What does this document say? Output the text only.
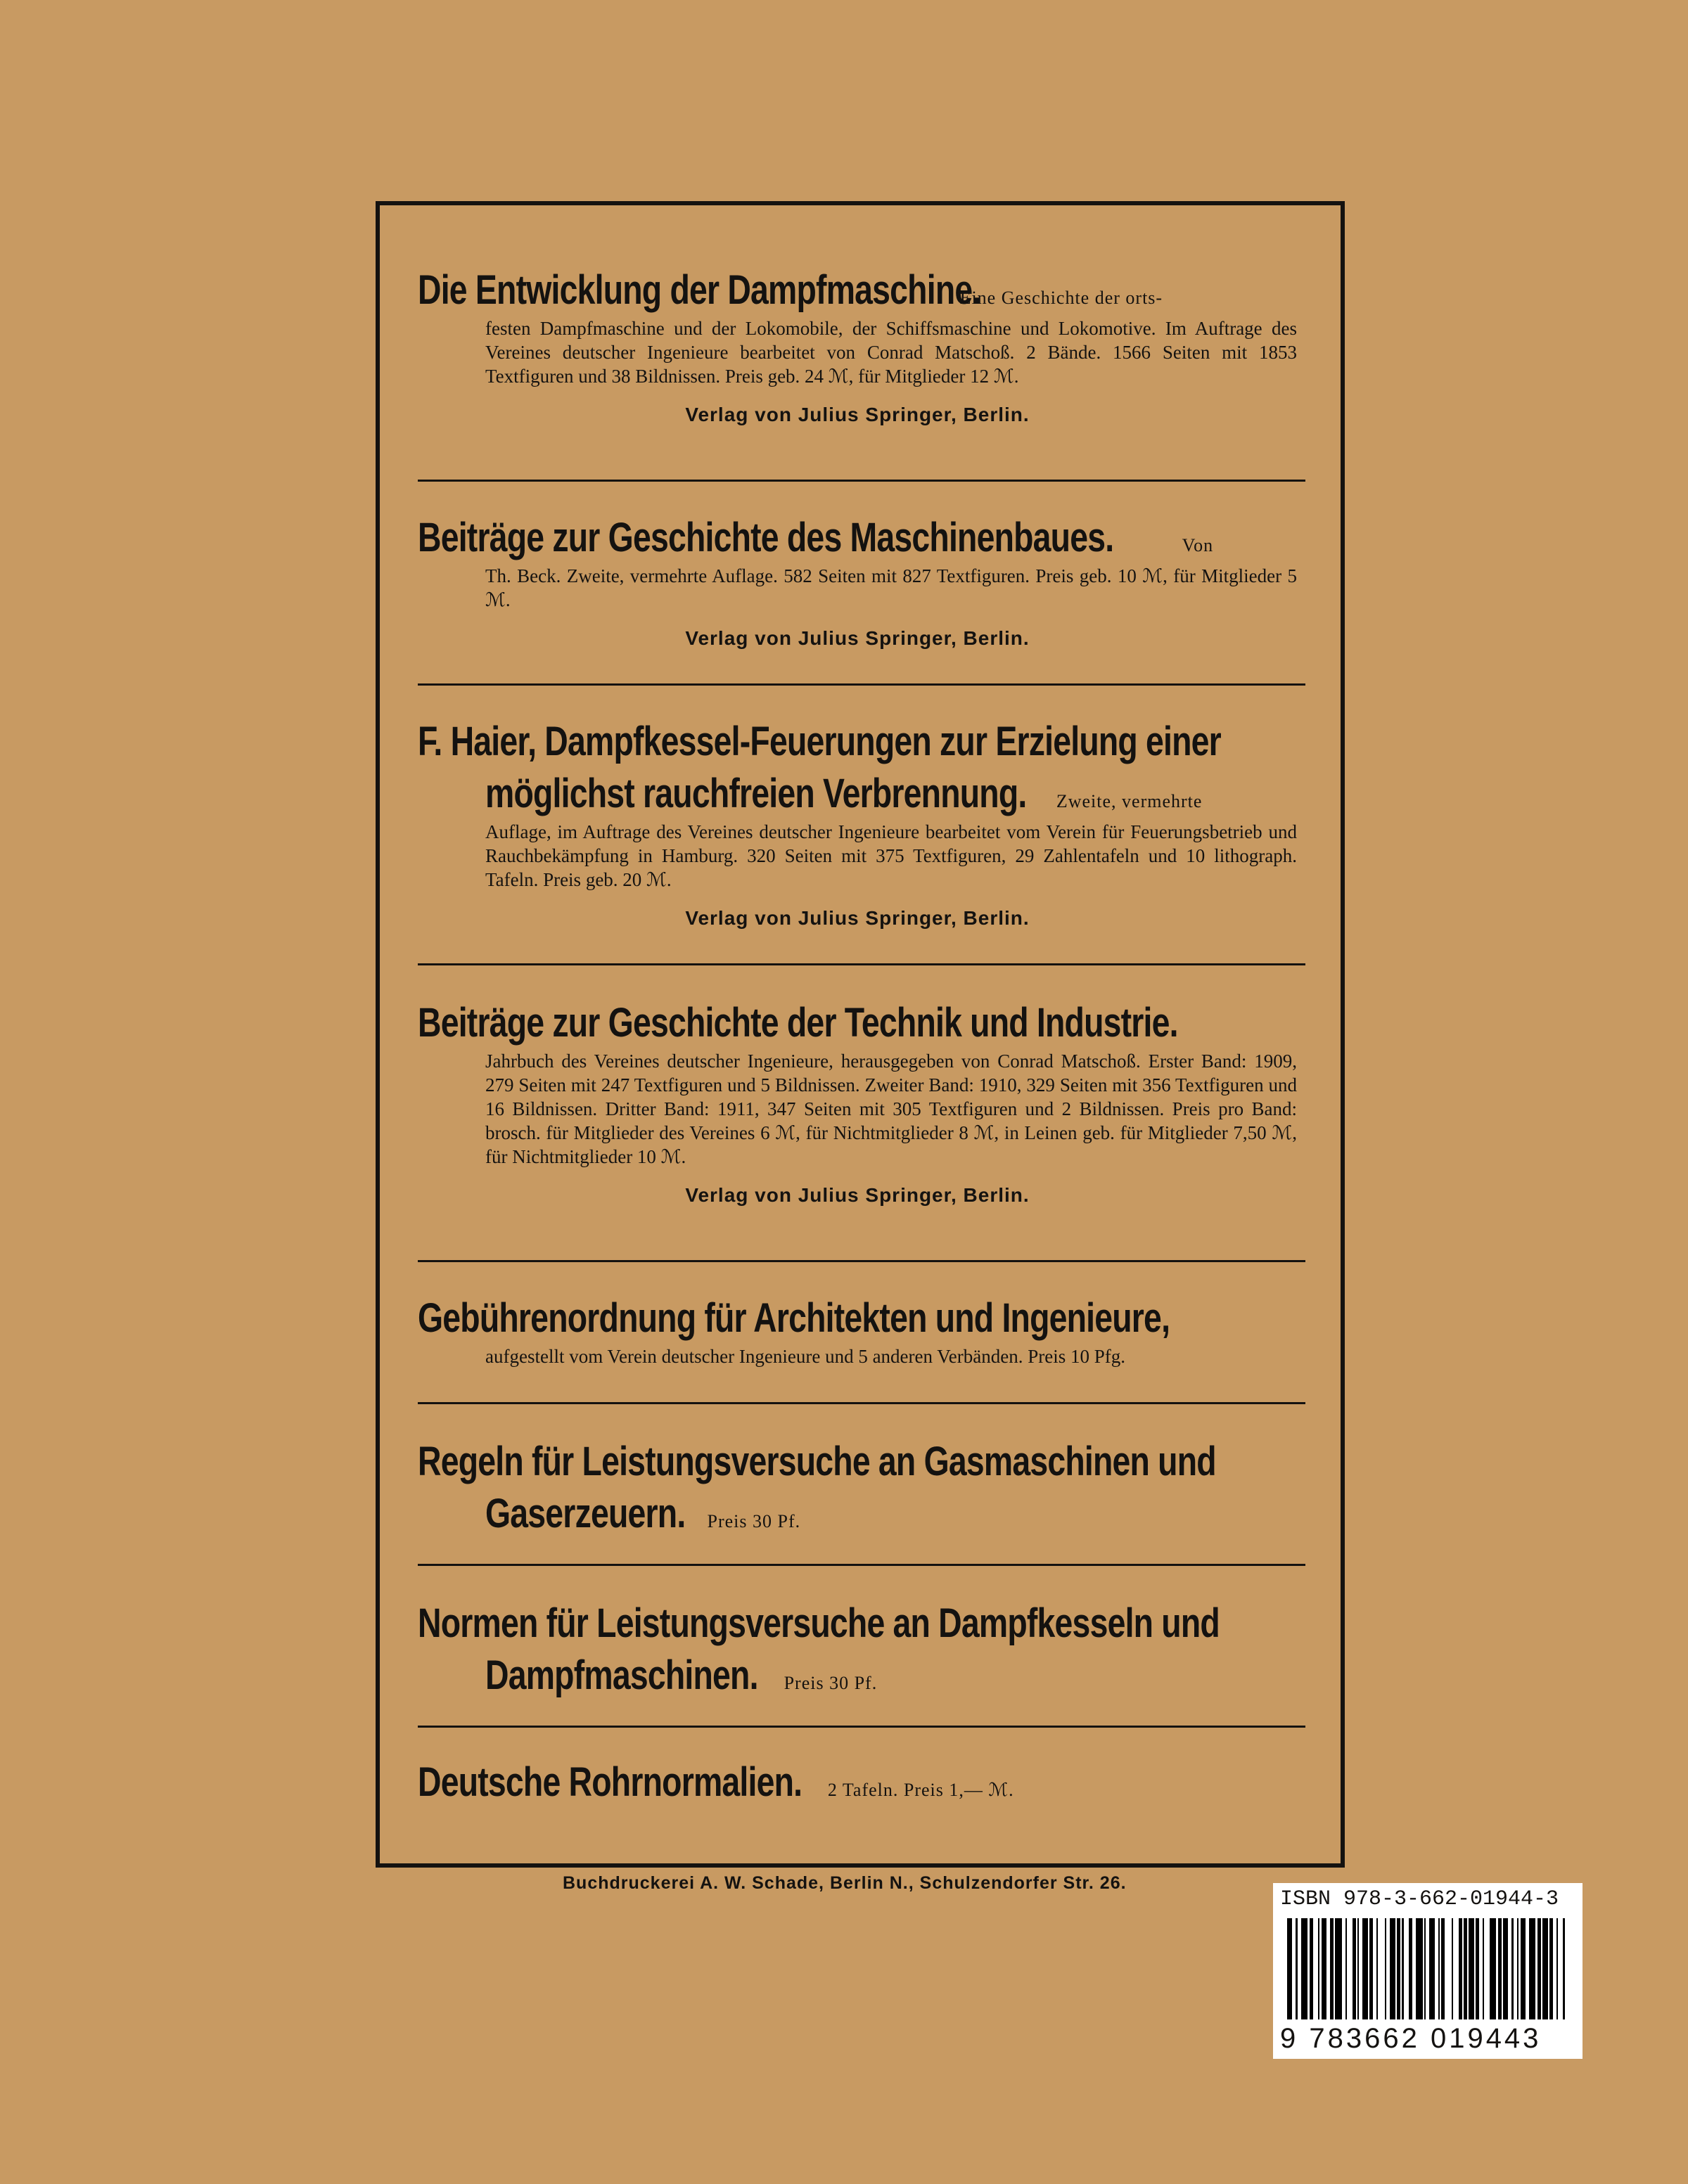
Die Entwicklung der Dampfmaschine.Eine Geschichte der orts-
festen Dampfmaschine und der Lokomobile, der Schiffsmaschine und Lokomotive. Im Auftrage des Vereines deutscher Ingenieure bearbeitet von Conrad Matschoß. 2 Bände. 1566 Seiten mit 1853 Textfiguren und 38 Bildnissen. Preis geb. 24 ℳ, für Mitglieder 12 ℳ.
Verlag von Julius Springer, Berlin.
Beiträge zur Geschichte des Maschinenbaues.	Von
Th. Beck. Zweite, vermehrte Auflage. 582 Seiten mit 827 Textfiguren. Preis geb. 10 ℳ, für Mitglieder 5 ℳ.
Verlag von Julius Springer, Berlin.
F. Haier, Dampfkessel-Feuerungen zur Erzielung einer
möglichst rauchfreien Verbrennung. Zweite, vermehrte
Auflage, im Auftrage des Vereines deutscher Ingenieure bearbeitet vom Verein für Feuerungsbetrieb und Rauchbekämpfung in Hamburg. 320 Seiten mit 375 Textfiguren, 29 Zahlentafeln und 10 lithograph. Tafeln. Preis geb. 20 ℳ.
Verlag von Julius Springer, Berlin.
Beiträge zur Geschichte der Technik und Industrie.
Jahrbuch des Vereines deutscher Ingenieure, herausgegeben von Conrad Matschoß. Erster Band: 1909, 279 Seiten mit 247 Textfiguren und 5 Bildnissen. Zweiter Band: 1910, 329 Seiten mit 356 Textfiguren und 16 Bildnissen. Dritter Band: 1911, 347 Seiten mit 305 Textfiguren und 2 Bildnissen. Preis pro Band: brosch. für Mitglieder des Vereines 6 ℳ, für Nichtmitglieder 8 ℳ, in Leinen geb. für Mitglieder 7,50 ℳ, für Nichtmitglieder 10 ℳ.
Verlag von Julius Springer, Berlin.
Gebührenordnung für Architekten und Ingenieure,
aufgestellt vom Verein deutscher Ingenieure und 5 anderen Verbänden. Preis 10 Pfg.
Regeln für Leistungsversuche an Gasmaschinen und
Gaserzeuern. Preis 30 Pf.
Normen für Leistungsversuche an Dampfkesseln und
Dampfmaschinen. Preis 30 Pf.
Deutsche Rohrnormalien. 2 Tafeln. Preis 1,— ℳ.
Buchdruckerei A. W. Schade, Berlin N., Schulzendorfer Str. 26.
ISBN 978-3-662-01944-3
9 783662 019443
